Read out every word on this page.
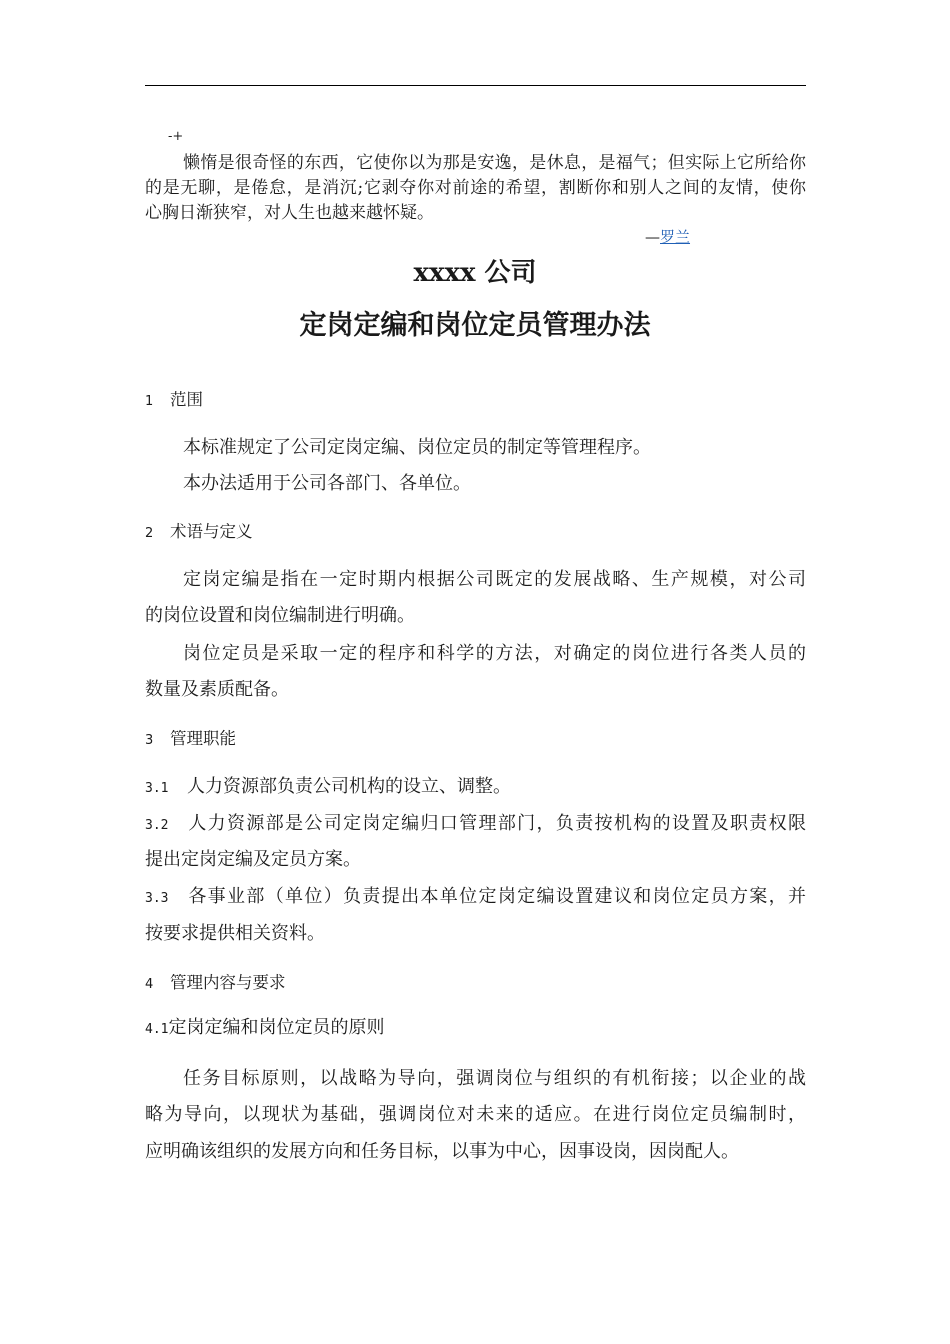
-+

懒惰是很奇怪的东西，它使你以为那是安逸，是休息，是福气；但实际上它所给你

的是无聊，是倦怠，是消沉;它剥夺你对前途的希望，割断你和别人之间的友情，使你

心胸日渐狭窄，对人生也越来越怀疑。

—罗兰

xxxx 公司

定岗定编和岗位定员管理办法

1 范围

本标准规定了公司定岗定编、岗位定员的制定等管理程序。

本办法适用于公司各部门、各单位。

2 术语与定义

定岗定编是指在一定时期内根据公司既定的发展战略、生产规模，对公司

的岗位设置和岗位编制进行明确。

岗位定员是采取一定的程序和科学的方法，对确定的岗位进行各类人员的

数量及素质配备。

3 管理职能

3.1 人力资源部负责公司机构的设立、调整。

3.2 人力资源部是公司定岗定编归口管理部门，负责按机构的设置及职责权限

提出定岗定编及定员方案。

3.3 各事业部（单位）负责提出本单位定岗定编设置建议和岗位定员方案，并

按要求提供相关资料。

4 管理内容与要求

4.1定岗定编和岗位定员的原则

任务目标原则，以战略为导向，强调岗位与组织的有机衔接；以企业的战

略为导向，以现状为基础，强调岗位对未来的适应。在进行岗位定员编制时，

应明确该组织的发展方向和任务目标，以事为中心，因事设岗，因岗配人。
